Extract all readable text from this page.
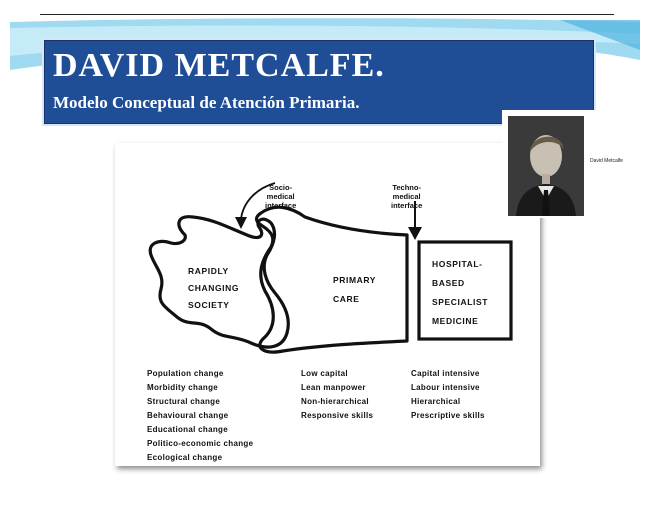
DAVID METCALFE.
Modelo Conceptual de Atención Primaria.
Socio-
medical
interface
Techno-
medical
interface
RAPIDLY
CHANGING
SOCIETY
PRIMARY
CARE
HOSPITAL-
BASED
SPECIALIST
MEDICINE
Population change
Morbidity change
Structural change
Behavioural change
Educational change
Politico-economic change
Ecological change
Low capital
Lean manpower
Non-hierarchical
Responsive skills
Capital intensive
Labour intensive
Hierarchical
Prescriptive skills
David Metcalfe
